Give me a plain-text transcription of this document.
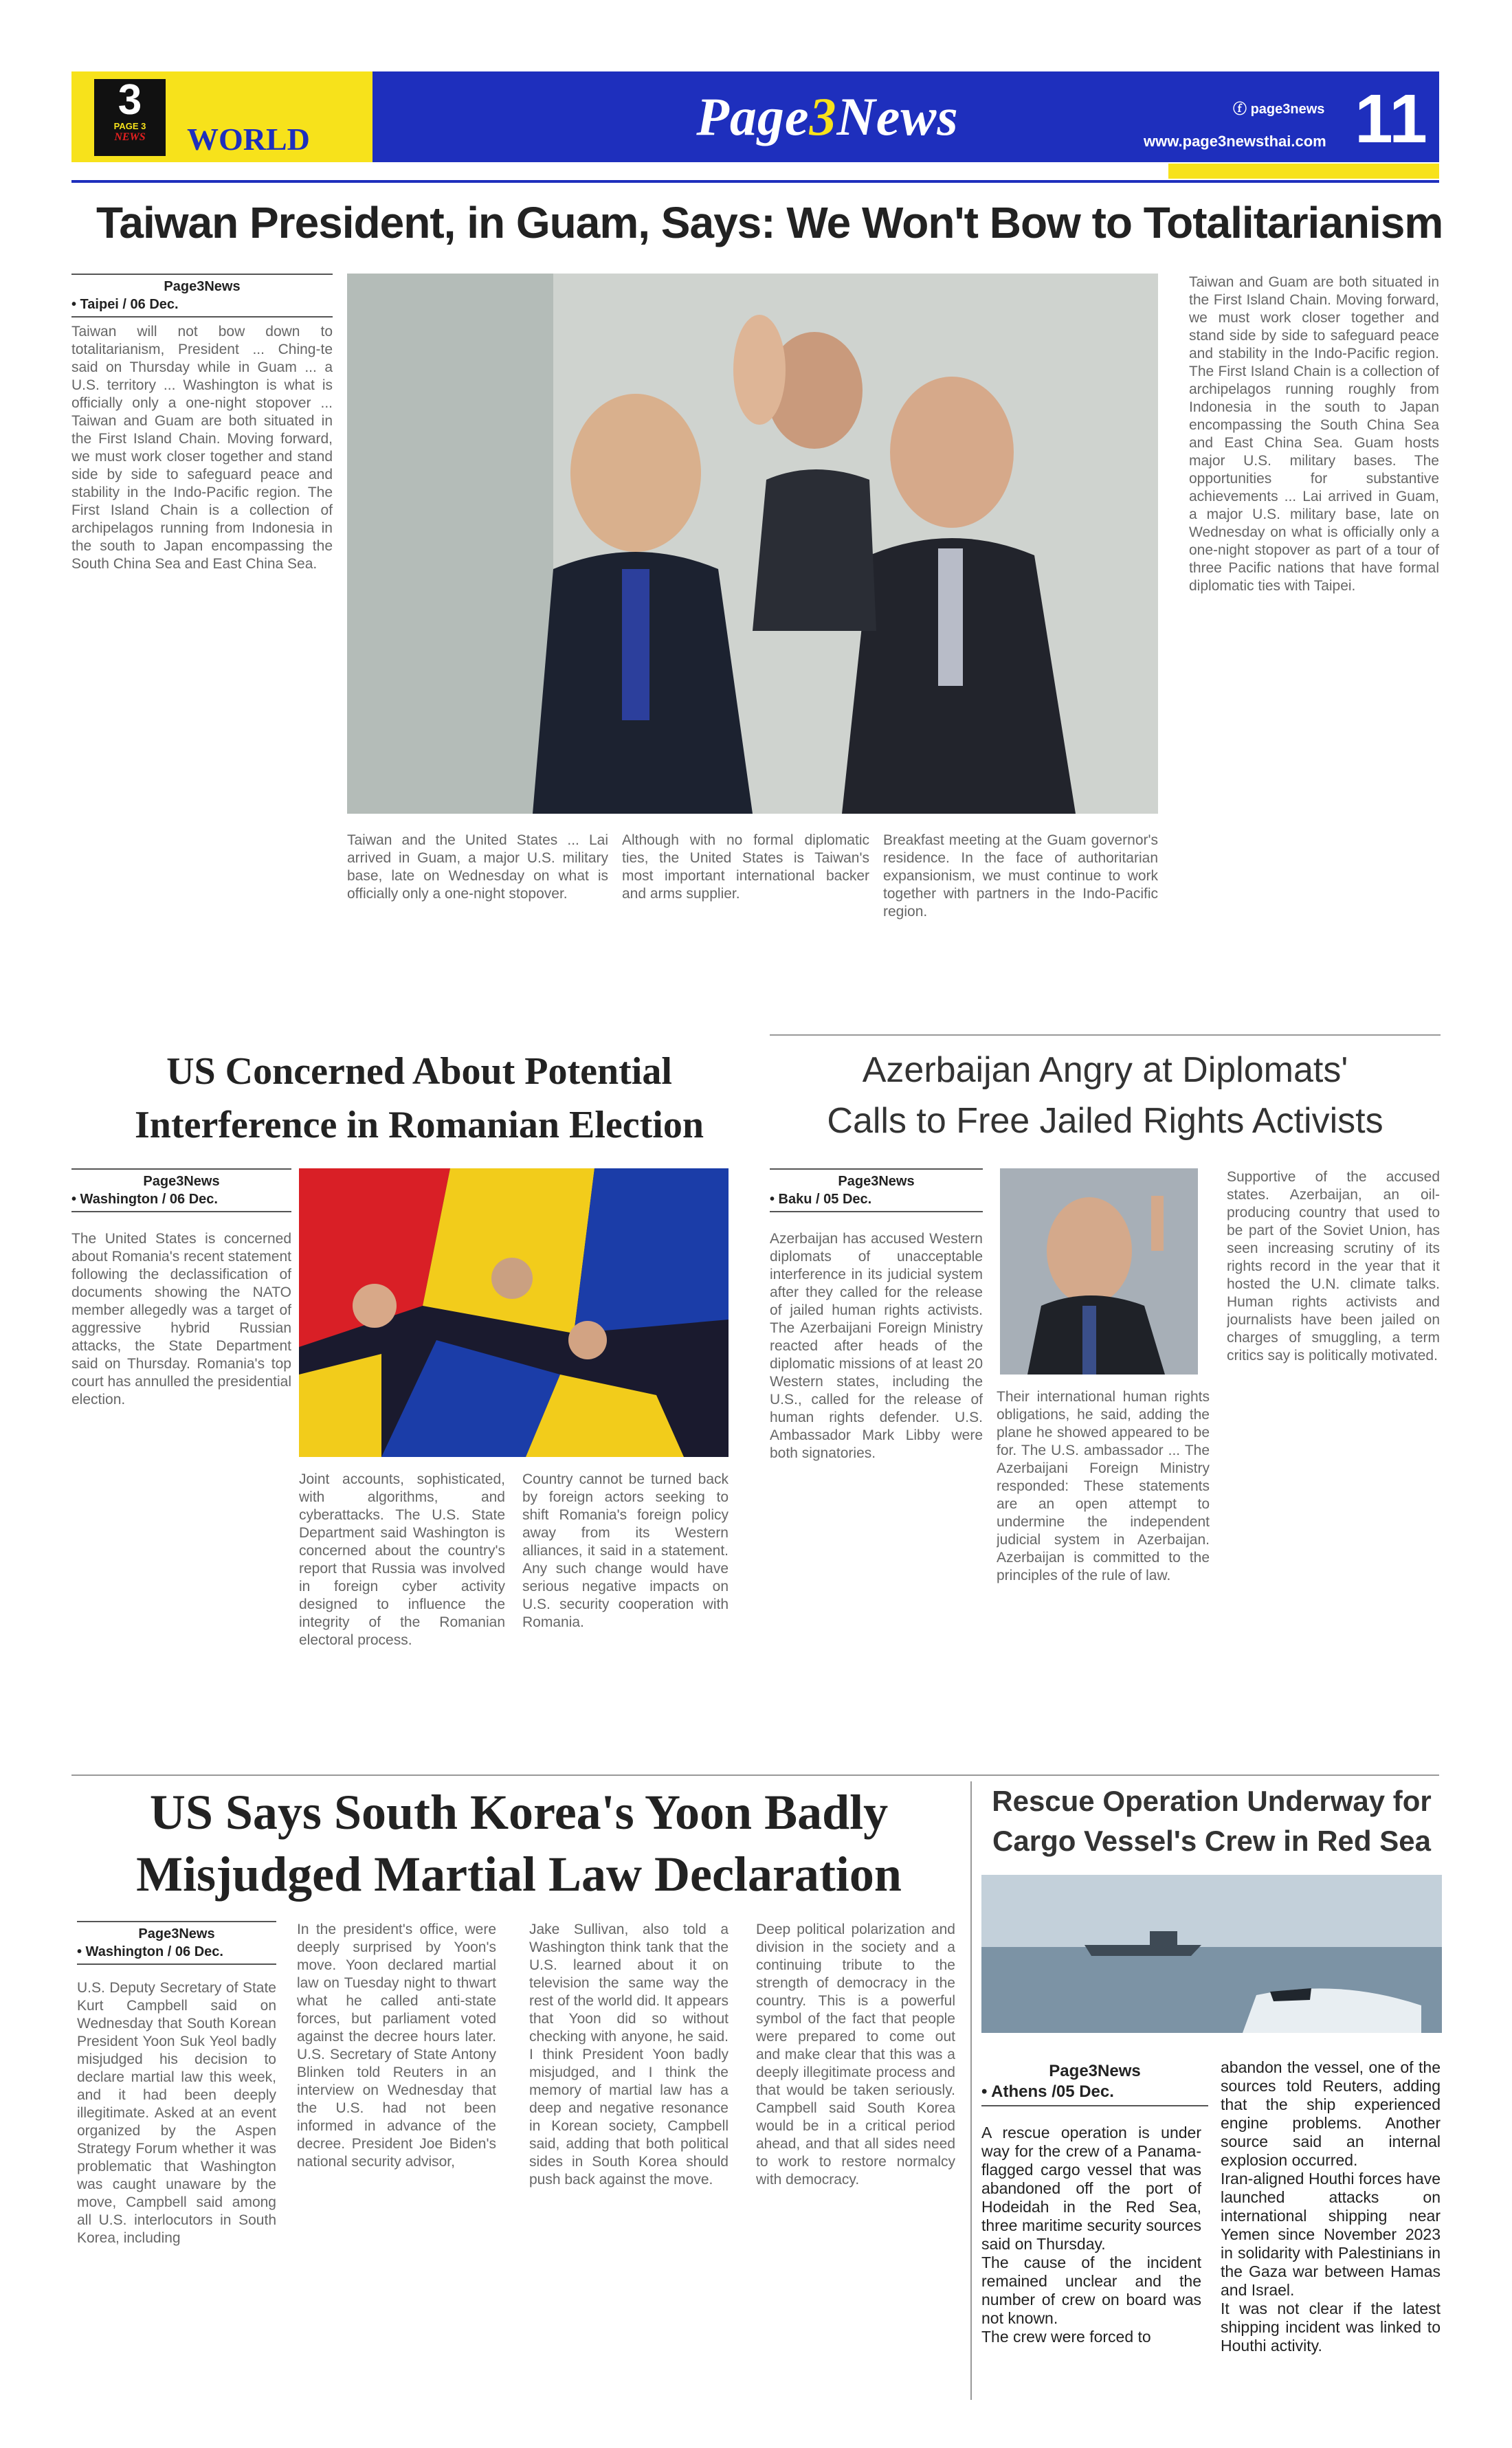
3
PAGE 3
NEWS	WORLD	Page3News	ⓕ page3news
www.page3newsthai.com 11
Taiwan President, in Guam, Says: We Won't Bow to Totalitarianism
Page3News
• Taipei / 06 Dec.
Taiwan will not bow down to totalitarianism, President ... Ching-te said on Thursday while in Guam ... a U.S. territory ... Washington is what is officially only a one-night stopover ... Taiwan and Guam are both situated in the First Island Chain. Moving forward, we must work closer together and stand side by side to safeguard peace and stability in the Indo-Pacific region. The First Island Chain is a collection of archipelagos running from Indonesia in the south to Japan encompassing the South China Sea and East China Sea.
Taiwan and Guam are both situated in the First Island Chain. Moving forward, we must work closer together and stand side by side to safeguard peace and stability in the Indo-Pacific region. The First Island Chain is a collection of archipelagos running roughly from Indonesia in the south to Japan encompassing the South China Sea and East China Sea. Guam hosts major U.S. military bases. The opportunities for substantive achievements ... Lai arrived in Guam, a major U.S. military base, late on Wednesday on what is officially only a one-night stopover as part of a tour of three Pacific nations that have formal diplomatic ties with Taipei.
Taiwan and the United States ... Lai arrived in Guam, a major U.S. military base, late on Wednesday on what is officially only a one-night stopover.
Although with no formal diplomatic ties, the United States is Taiwan's most important international backer and arms supplier.
Breakfast meeting at the Guam governor's residence. In the face of authoritarian expansionism, we must continue to work together with partners in the Indo-Pacific region.
US Concerned About Potential
Interference in Romanian Election
Page3News
• Washington / 06 Dec.
The United States is concerned about Romania's recent statement following the declassification of documents showing the NATO member allegedly was a target of aggressive hybrid Russian attacks, the State Department said on Thursday. Romania's top court has annulled the presidential election.
Joint accounts, sophisticated, with algorithms, and cyberattacks. The U.S. State Department said Washington is concerned about the country's report that Russia was involved in foreign cyber activity designed to influence the integrity of the Romanian electoral process.
Country cannot be turned back by foreign actors seeking to shift Romania's foreign policy away from its Western alliances, it said in a statement. Any such change would have serious negative impacts on U.S. security cooperation with Romania.
Azerbaijan Angry at Diplomats'
Calls to Free Jailed Rights Activists
Page3News
• Baku / 05 Dec.
Azerbaijan has accused Western diplomats of unacceptable interference in its judicial system after they called for the release of jailed human rights activists. The Azerbaijani Foreign Ministry reacted after heads of the diplomatic missions of at least 20 Western states, including the U.S., called for the release of human rights defender. U.S. Ambassador Mark Libby were both signatories.
Their international human rights obligations, he said, adding the plane he showed appeared to be for. The U.S. ambassador ... The Azerbaijani Foreign Ministry responded: These statements are an open attempt to undermine the independent judicial system in Azerbaijan. Azerbaijan is committed to the principles of the rule of law.
Supportive of the accused states. Azerbaijan, an oil-producing country that used to be part of the Soviet Union, has seen increasing scrutiny of its rights record in the year that it hosted the U.N. climate talks. Human rights activists and journalists have been jailed on charges of smuggling, a term critics say is politically motivated.
US Says South Korea's Yoon Badly
Misjudged Martial Law Declaration
Page3News
• Washington / 06 Dec.
U.S. Deputy Secretary of State Kurt Campbell said on Wednesday that South Korean President Yoon Suk Yeol badly misjudged his decision to declare martial law this week, and it had been deeply illegitimate. Asked at an event organized by the Aspen Strategy Forum whether it was problematic that Washington was caught unaware by the move, Campbell said among all U.S. interlocutors in South Korea, including
In the president's office, were deeply surprised by Yoon's move. Yoon declared martial law on Tuesday night to thwart what he called anti-state forces, but parliament voted against the decree hours later. U.S. Secretary of State Antony Blinken told Reuters in an interview on Wednesday that the U.S. had not been informed in advance of the decree. President Joe Biden's national security advisor,
Jake Sullivan, also told a Washington think tank that the U.S. learned about it on television the same way the rest of the world did. It appears that Yoon did so without checking with anyone, he said. I think President Yoon badly misjudged, and I think the memory of martial law has a deep and negative resonance in Korean society, Campbell said, adding that both political sides in South Korea should push back against the move.
Deep political polarization and division in the society and a continuing tribute to the strength of democracy in the country. This is a powerful symbol of the fact that people were prepared to come out and make clear that this was a deeply illegitimate process and that would be taken seriously. Campbell said South Korea would be in a critical period ahead, and that all sides need to work to restore normalcy with democracy.
Rescue Operation Underway for
Cargo Vessel's Crew in Red Sea
Page3News
• Athens /05 Dec.
A rescue operation is under way for the crew of a Panama-flagged cargo vessel that was abandoned off the port of Hodeidah in the Red Sea, three maritime security sources said on Thursday.
The cause of the incident remained unclear and the number of crew on board was not known.
The crew were forced to
abandon the vessel, one of the sources told Reuters, adding that the ship experienced engine problems. Another source said an internal explosion occurred.
Iran-aligned Houthi forces have launched attacks on international shipping near Yemen since November 2023 in solidarity with Palestinians in the Gaza war between Hamas and Israel.
It was not clear if the latest shipping incident was linked to Houthi activity.
